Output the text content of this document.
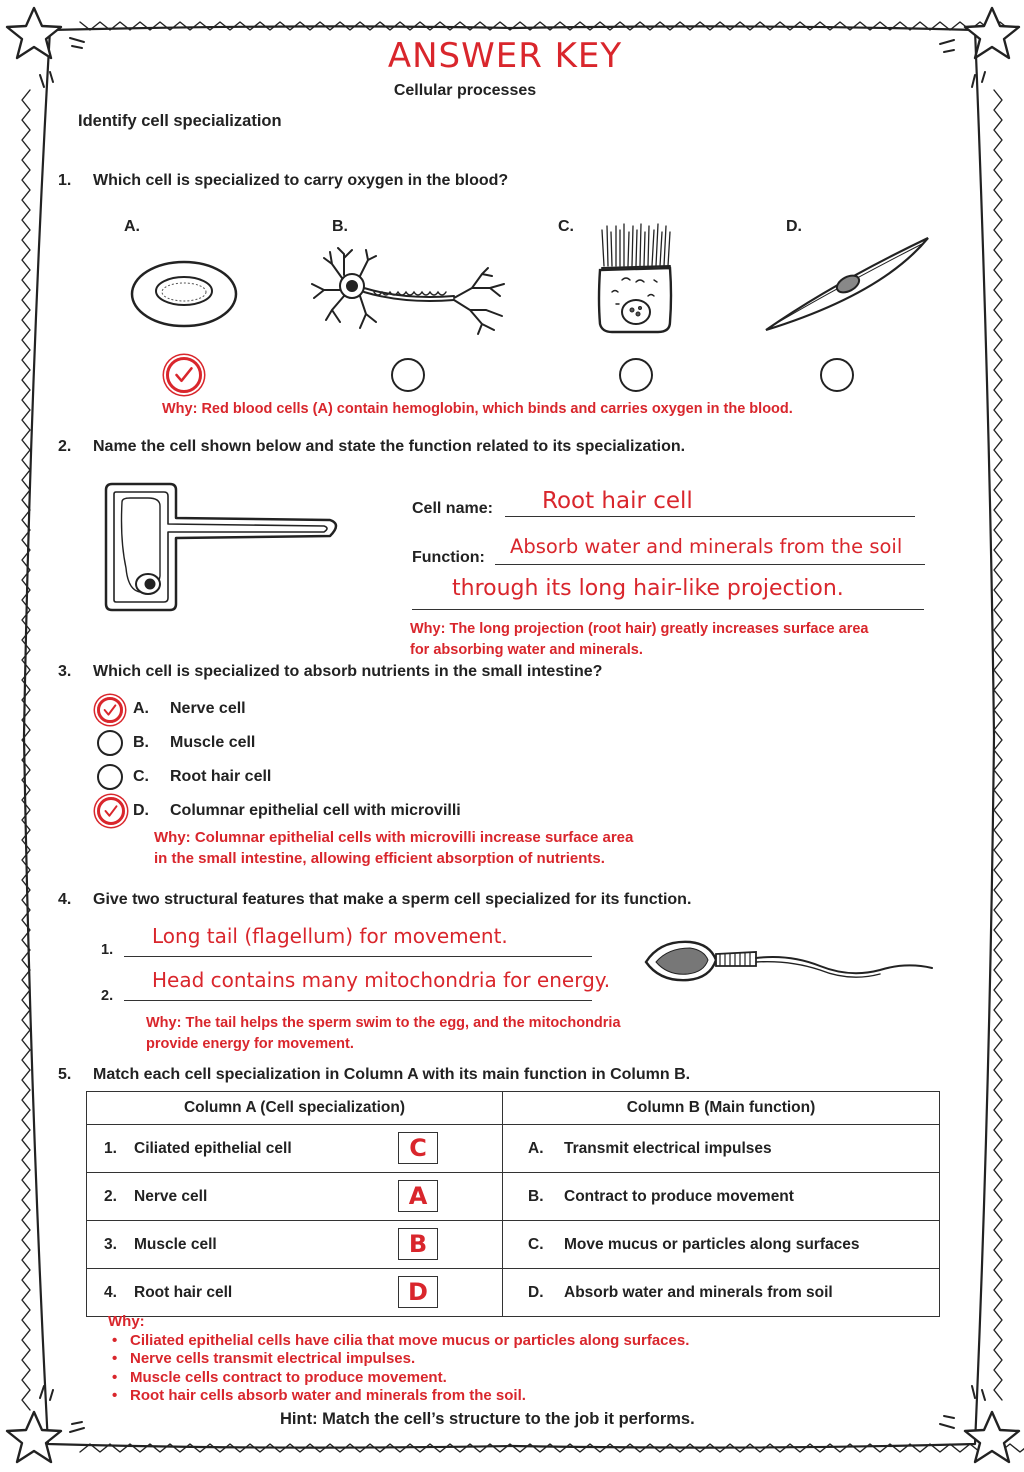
ANSWER KEY
Cellular processes
Identify cell specialization
1. Which cell is specialized to carry oxygen in the blood?
A.	B.	C.	D.
Why: Red blood cells (A) contain hemoglobin, which binds and carries oxygen in the blood.
2. Name the cell shown below and state the function related to its specialization.
Cell name: Root hair cell
Function: Absorb water and minerals from the soil
through its long hair-like projection.
Why: The long projection (root hair) greatly increases surface area
for absorbing water and minerals.
3. Which cell is specialized to absorb nutrients in the small intestine?
A. Nerve cell
B. Muscle cell
C. Root hair cell
D. Columnar epithelial cell with microvilli
Why: Columnar epithelial cells with microvilli increase surface area
in the small intestine, allowing efficient absorption of nutrients.
4. Give two structural features that make a sperm cell specialized for its function.
1.
Long tail (flagellum) for movement.
2.
Head contains many mitochondria for energy.
Why: The tail helps the sperm swim to the egg, and the mitochondria
provide energy for movement.
5. Match each cell specialization in Column A with its main function in Column B.
Column A (Cell specialization)	Column B (Main function)
1. Ciliated epithelial cell C	A. Transmit electrical impulses
2. Nerve cell A	B. Contract to produce movement
3. Muscle cell B	C. Move mucus or particles along surfaces
4. Root hair cell D	D. Absorb water and minerals from soil
Why:
• Ciliated epithelial cells have cilia that move mucus or particles along surfaces.
• Nerve cells transmit electrical impulses.
• Muscle cells contract to produce movement.
• Root hair cells absorb water and minerals from the soil.
Hint: Match the cell’s structure to the job it performs.
